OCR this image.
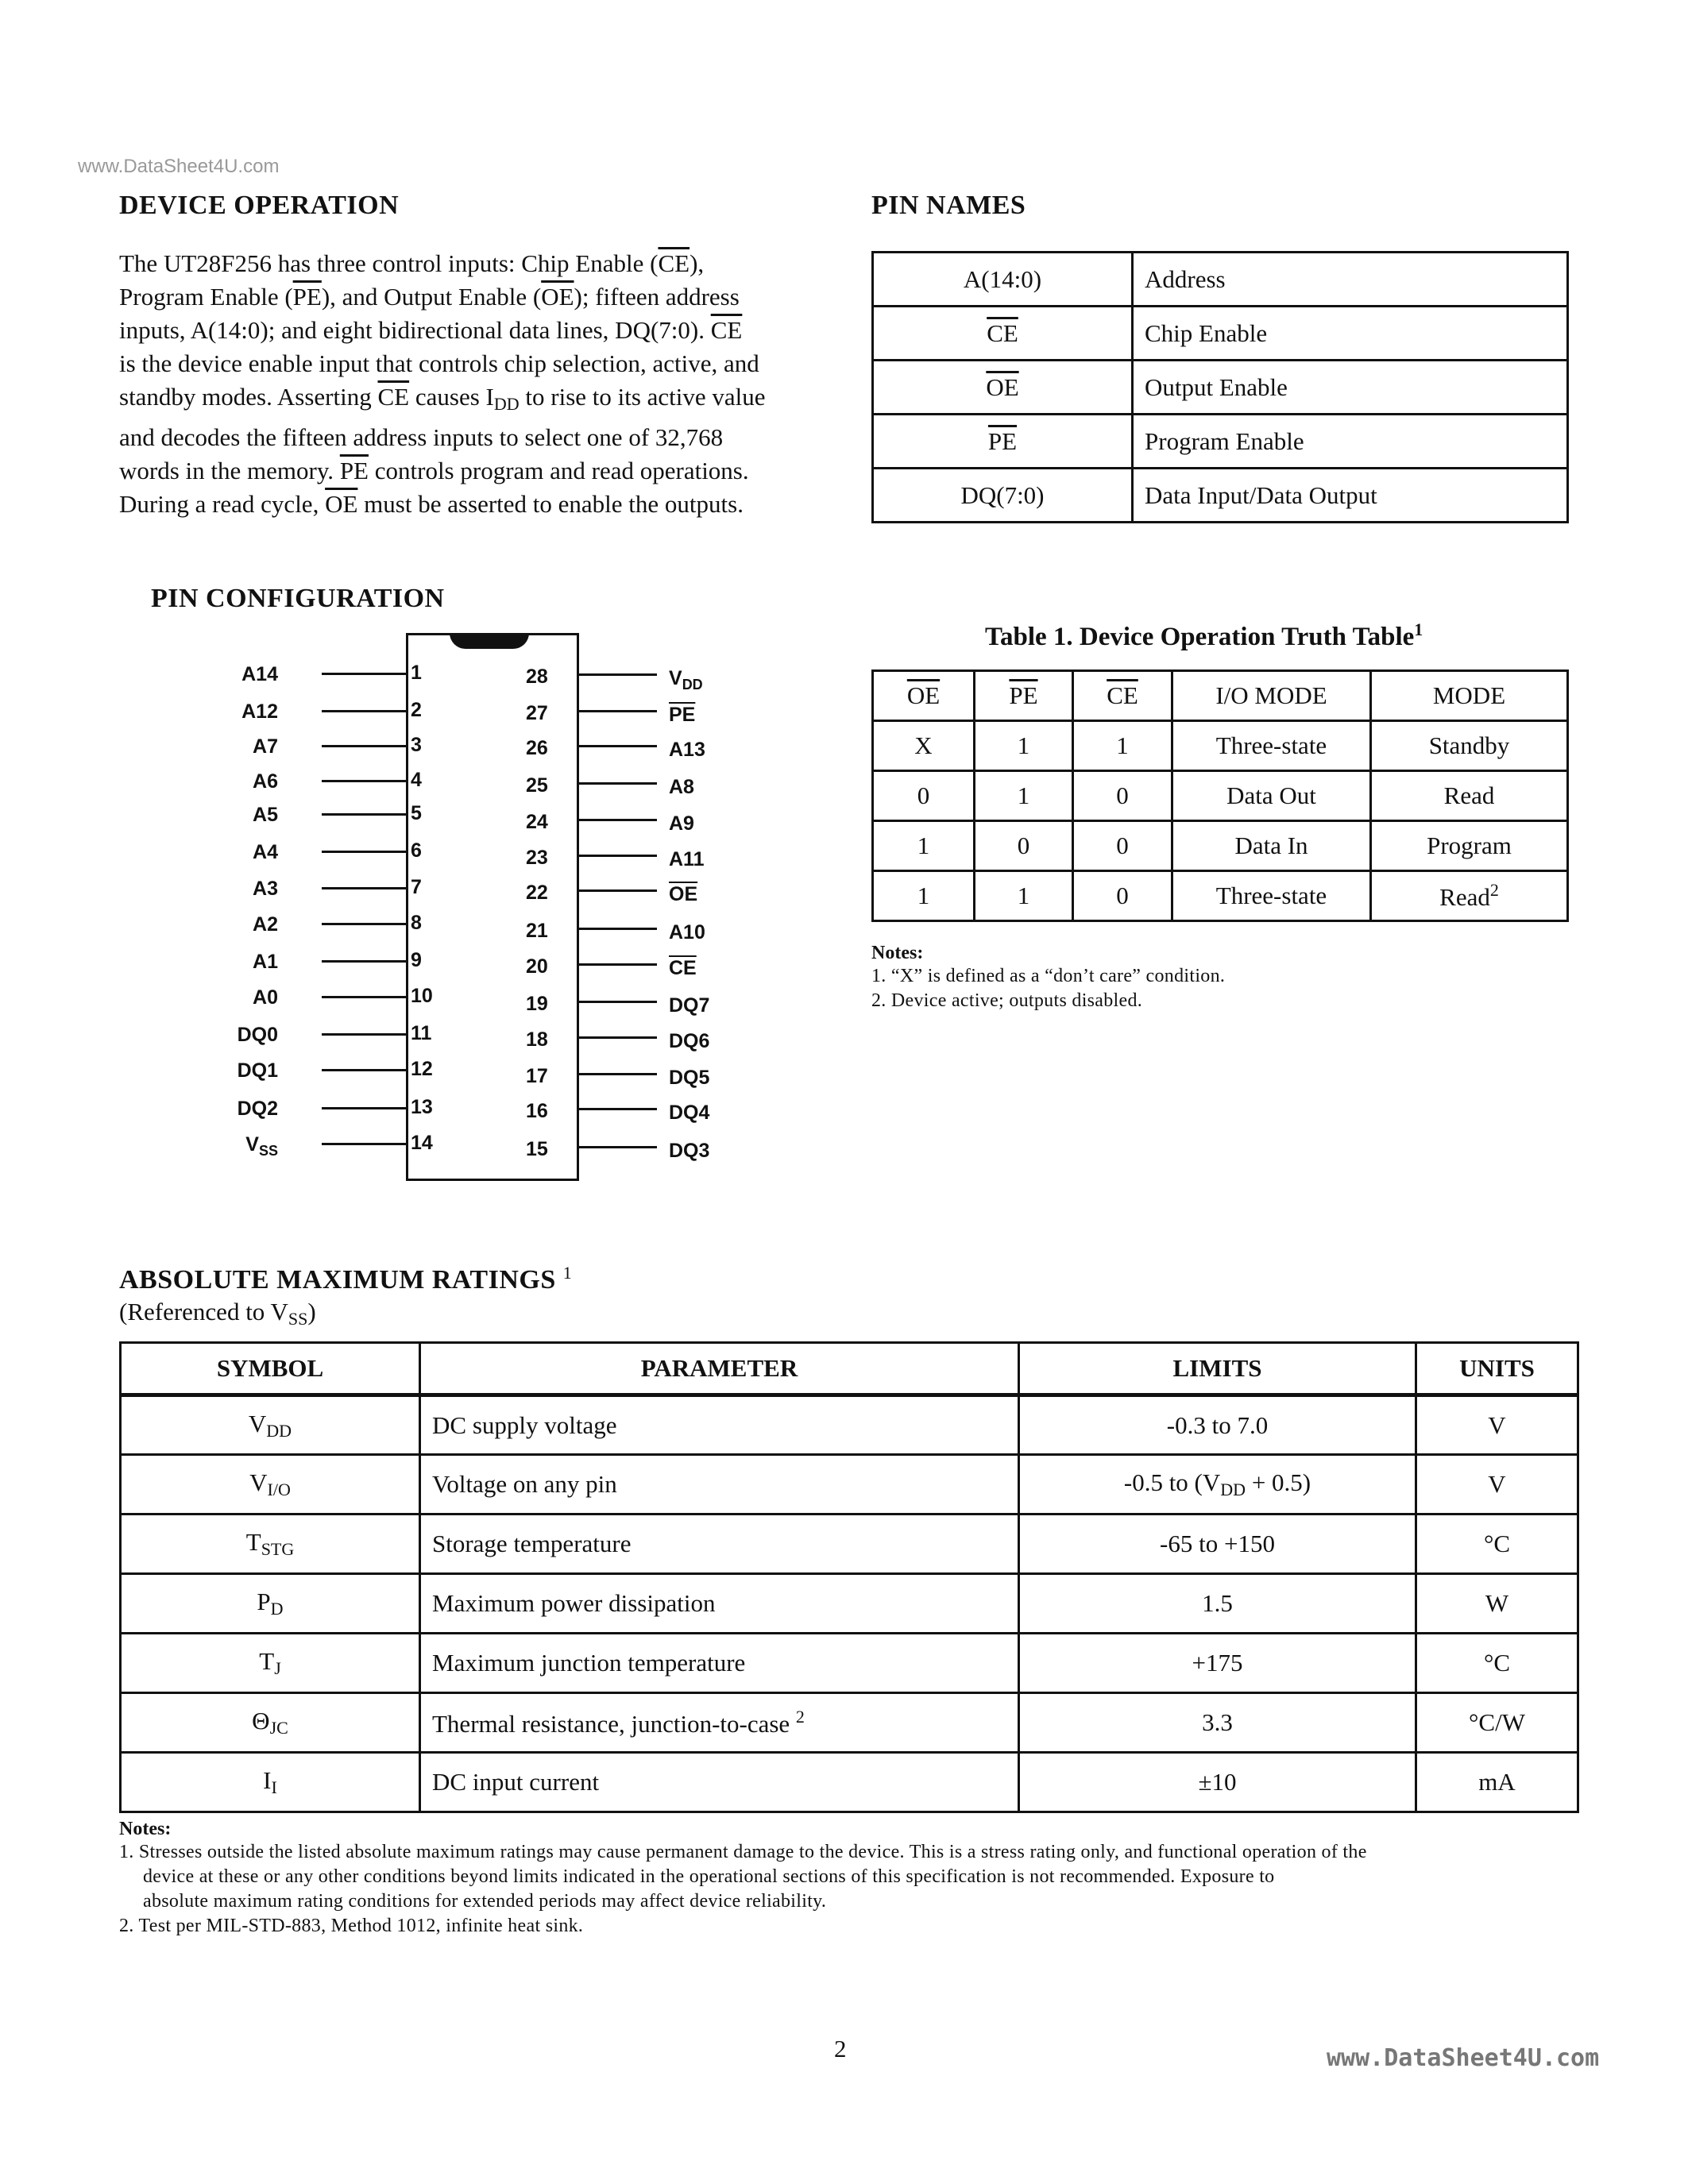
www.DataSheet4U.com
www.DataSheet4U.com
DEVICE OPERATION
The UT28F256 has three control inputs: Chip Enable $(\overline{CE})$,
Program Enable $(\overline{PE})$, and Output Enable $(\overline{OE})$; fifteen address
inputs, A(14:0); and eight bidirectional data lines, DQ(7:0). $\overline{CE}$
is the device enable input that controls chip selection, active, and
standby modes. Asserting $\overline{CE}$ causes $I_{DD}$ to rise to its active value
and decodes the fifteen address inputs to select one of 32,768
words in the memory. $\overline{PE}$ controls program and read operations.
During a read cycle, $\overline{OE}$ must be asserted to enable the outputs.
PIN NAMES
A(14:0)	Address
$\overline{CE}$	Chip Enable
$\overline{OE}$	Output Enable
$\overline{PE}$	Program Enable
DQ(7:0)	Data Input/Data Output
PIN CONFIGURATION
1
A14
2
A12
3
A7
4
A6
5
A5
6
A4
7
A3
8
A2
9
A1
10
A0
11
DQ0
12
DQ1
13
DQ2
14
$V_{SS}$
28	$V_{DD}$
27	$\overline{PE}$
26	A13
25	A8
24	A9
23	A11
22	$\overline{OE}$
21	A10
20	$\overline{CE}$
19	DQ7
18	DQ6
17	DQ5
16	DQ4
15	DQ3
Table 1. Device Operation Truth Table$^1$
$\overline{OE}$	$\overline{PE}$	$\overline{CE}$	I/O MODE	MODE
X	1	1	Three-state	Standby
0	1	0	Data Out	Read
1	0	0	Data In	Program
1	1	0	Three-state	Read$^2$
Notes:
1. “X” is defined as a “don’t care” condition.
2. Device active; outputs disabled.
ABSOLUTE MAXIMUM RATINGS $^1$
(Referenced to $V_{SS}$)
SYMBOL	PARAMETER	LIMITS	UNITS
$V_{DD}$	DC supply voltage	-0.3 to 7.0	V
$V_{I/O}$	Voltage on any pin	-0.5 to $(V_{DD} + 0.5)$	V
$T_{STG}$	Storage temperature	-65 to +150	°C
$P_D$	Maximum power dissipation	1.5	W
$T_J$	Maximum junction temperature	+175	°C
$\Theta_{JC}$	Thermal resistance, junction-to-case $^2$	3.3	°C/W
$I_I$	DC input current	±10	mA
Notes:
1. Stresses outside the listed absolute maximum ratings may cause permanent damage to the device. This is a stress rating only, and functional operation of the
device at these or any other conditions beyond limits indicated in the operational sections of this specification is not recommended. Exposure to
absolute maximum rating conditions for extended periods may affect device reliability.
2. Test per MIL-STD-883, Method 1012, infinite heat sink.
2
